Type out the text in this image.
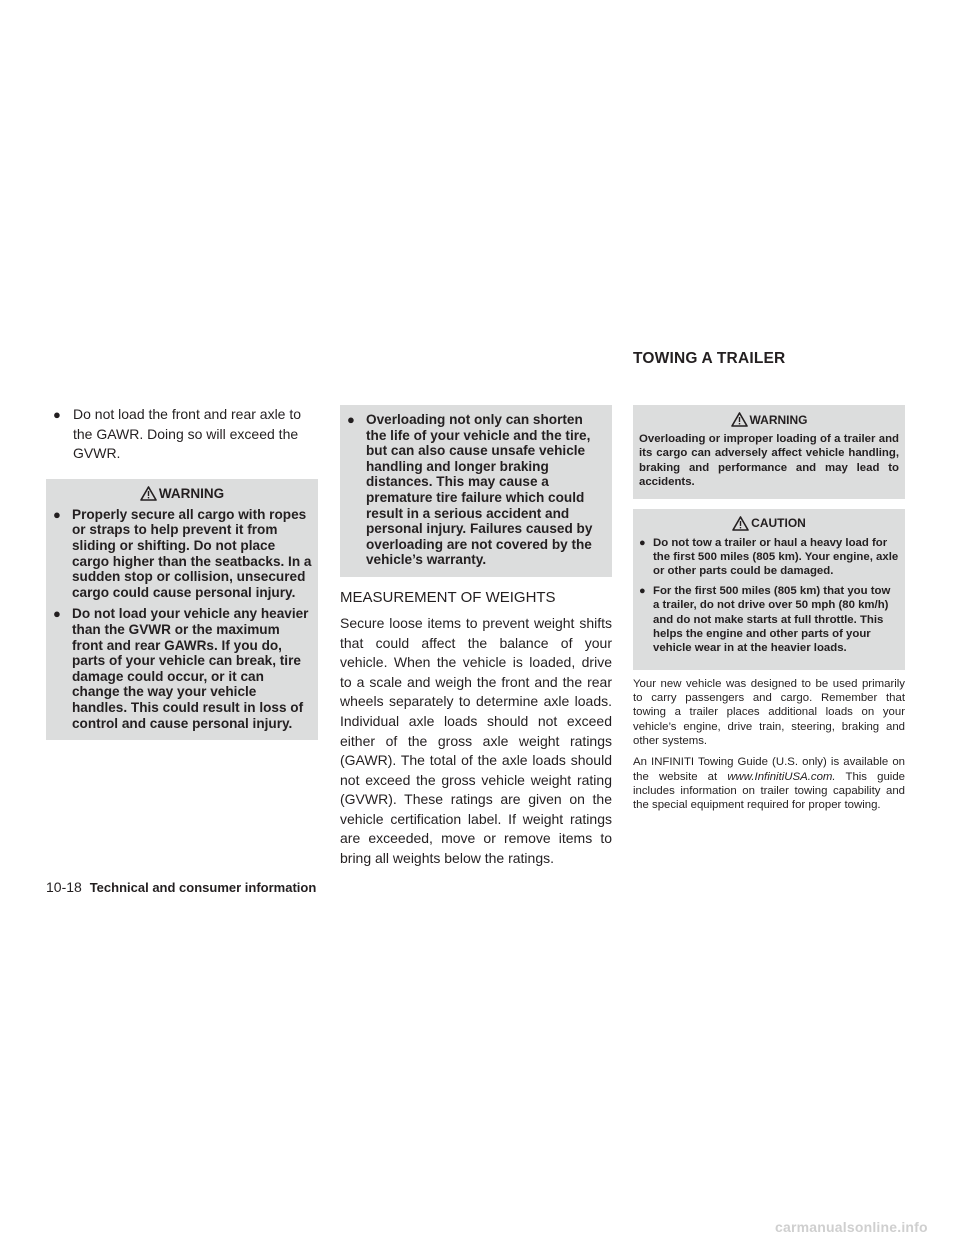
TOWING A TRAILER
● Do not load the front and rear axle to the GAWR. Doing so will exceed the GVWR.
WARNING
● Properly secure all cargo with ropes or straps to help prevent it from sliding or shifting. Do not place cargo higher than the seatbacks. In a sudden stop or collision, unsecured cargo could cause personal injury.
● Do not load your vehicle any heavier than the GVWR or the maximum front and rear GAWRs. If you do, parts of your vehicle can break, tire damage could occur, or it can change the way your vehicle handles. This could result in loss of control and cause personal injury.
● Overloading not only can shorten the life of your vehicle and the tire, but can also cause unsafe vehicle handling and longer braking distances. This may cause a premature tire failure which could result in a serious accident and personal injury. Failures caused by overloading are not covered by the vehicle’s warranty.
MEASUREMENT OF WEIGHTS
Secure loose items to prevent weight shifts that could affect the balance of your vehicle. When the vehicle is loaded, drive to a scale and weigh the front and the rear wheels separately to determine axle loads. Individual axle loads should not exceed either of the gross axle weight ratings (GAWR). The total of the axle loads should not exceed the gross vehicle weight rating (GVWR). These ratings are given on the vehicle certification label. If weight ratings are exceeded, move or remove items to bring all weights below the ratings.
WARNING
Overloading or improper loading of a trailer and its cargo can adversely affect vehicle handling, braking and performance and may lead to accidents.
CAUTION
● Do not tow a trailer or haul a heavy load for the first 500 miles (805 km). Your engine, axle or other parts could be damaged.
● For the first 500 miles (805 km) that you tow a trailer, do not drive over 50 mph (80 km/h) and do not make starts at full throttle. This helps the engine and other parts of your vehicle wear in at the heavier loads.
Your new vehicle was designed to be used primarily to carry passengers and cargo. Remember that towing a trailer places additional loads on your vehicle’s engine, drive train, steering, braking and other systems.
An INFINITI Towing Guide (U.S. only) is available on the website at www.InfinitiUSA.com. This guide includes information on trailer towing capability and the special equipment required for proper towing.
10-18 Technical and consumer information
carmanualsonline.info
